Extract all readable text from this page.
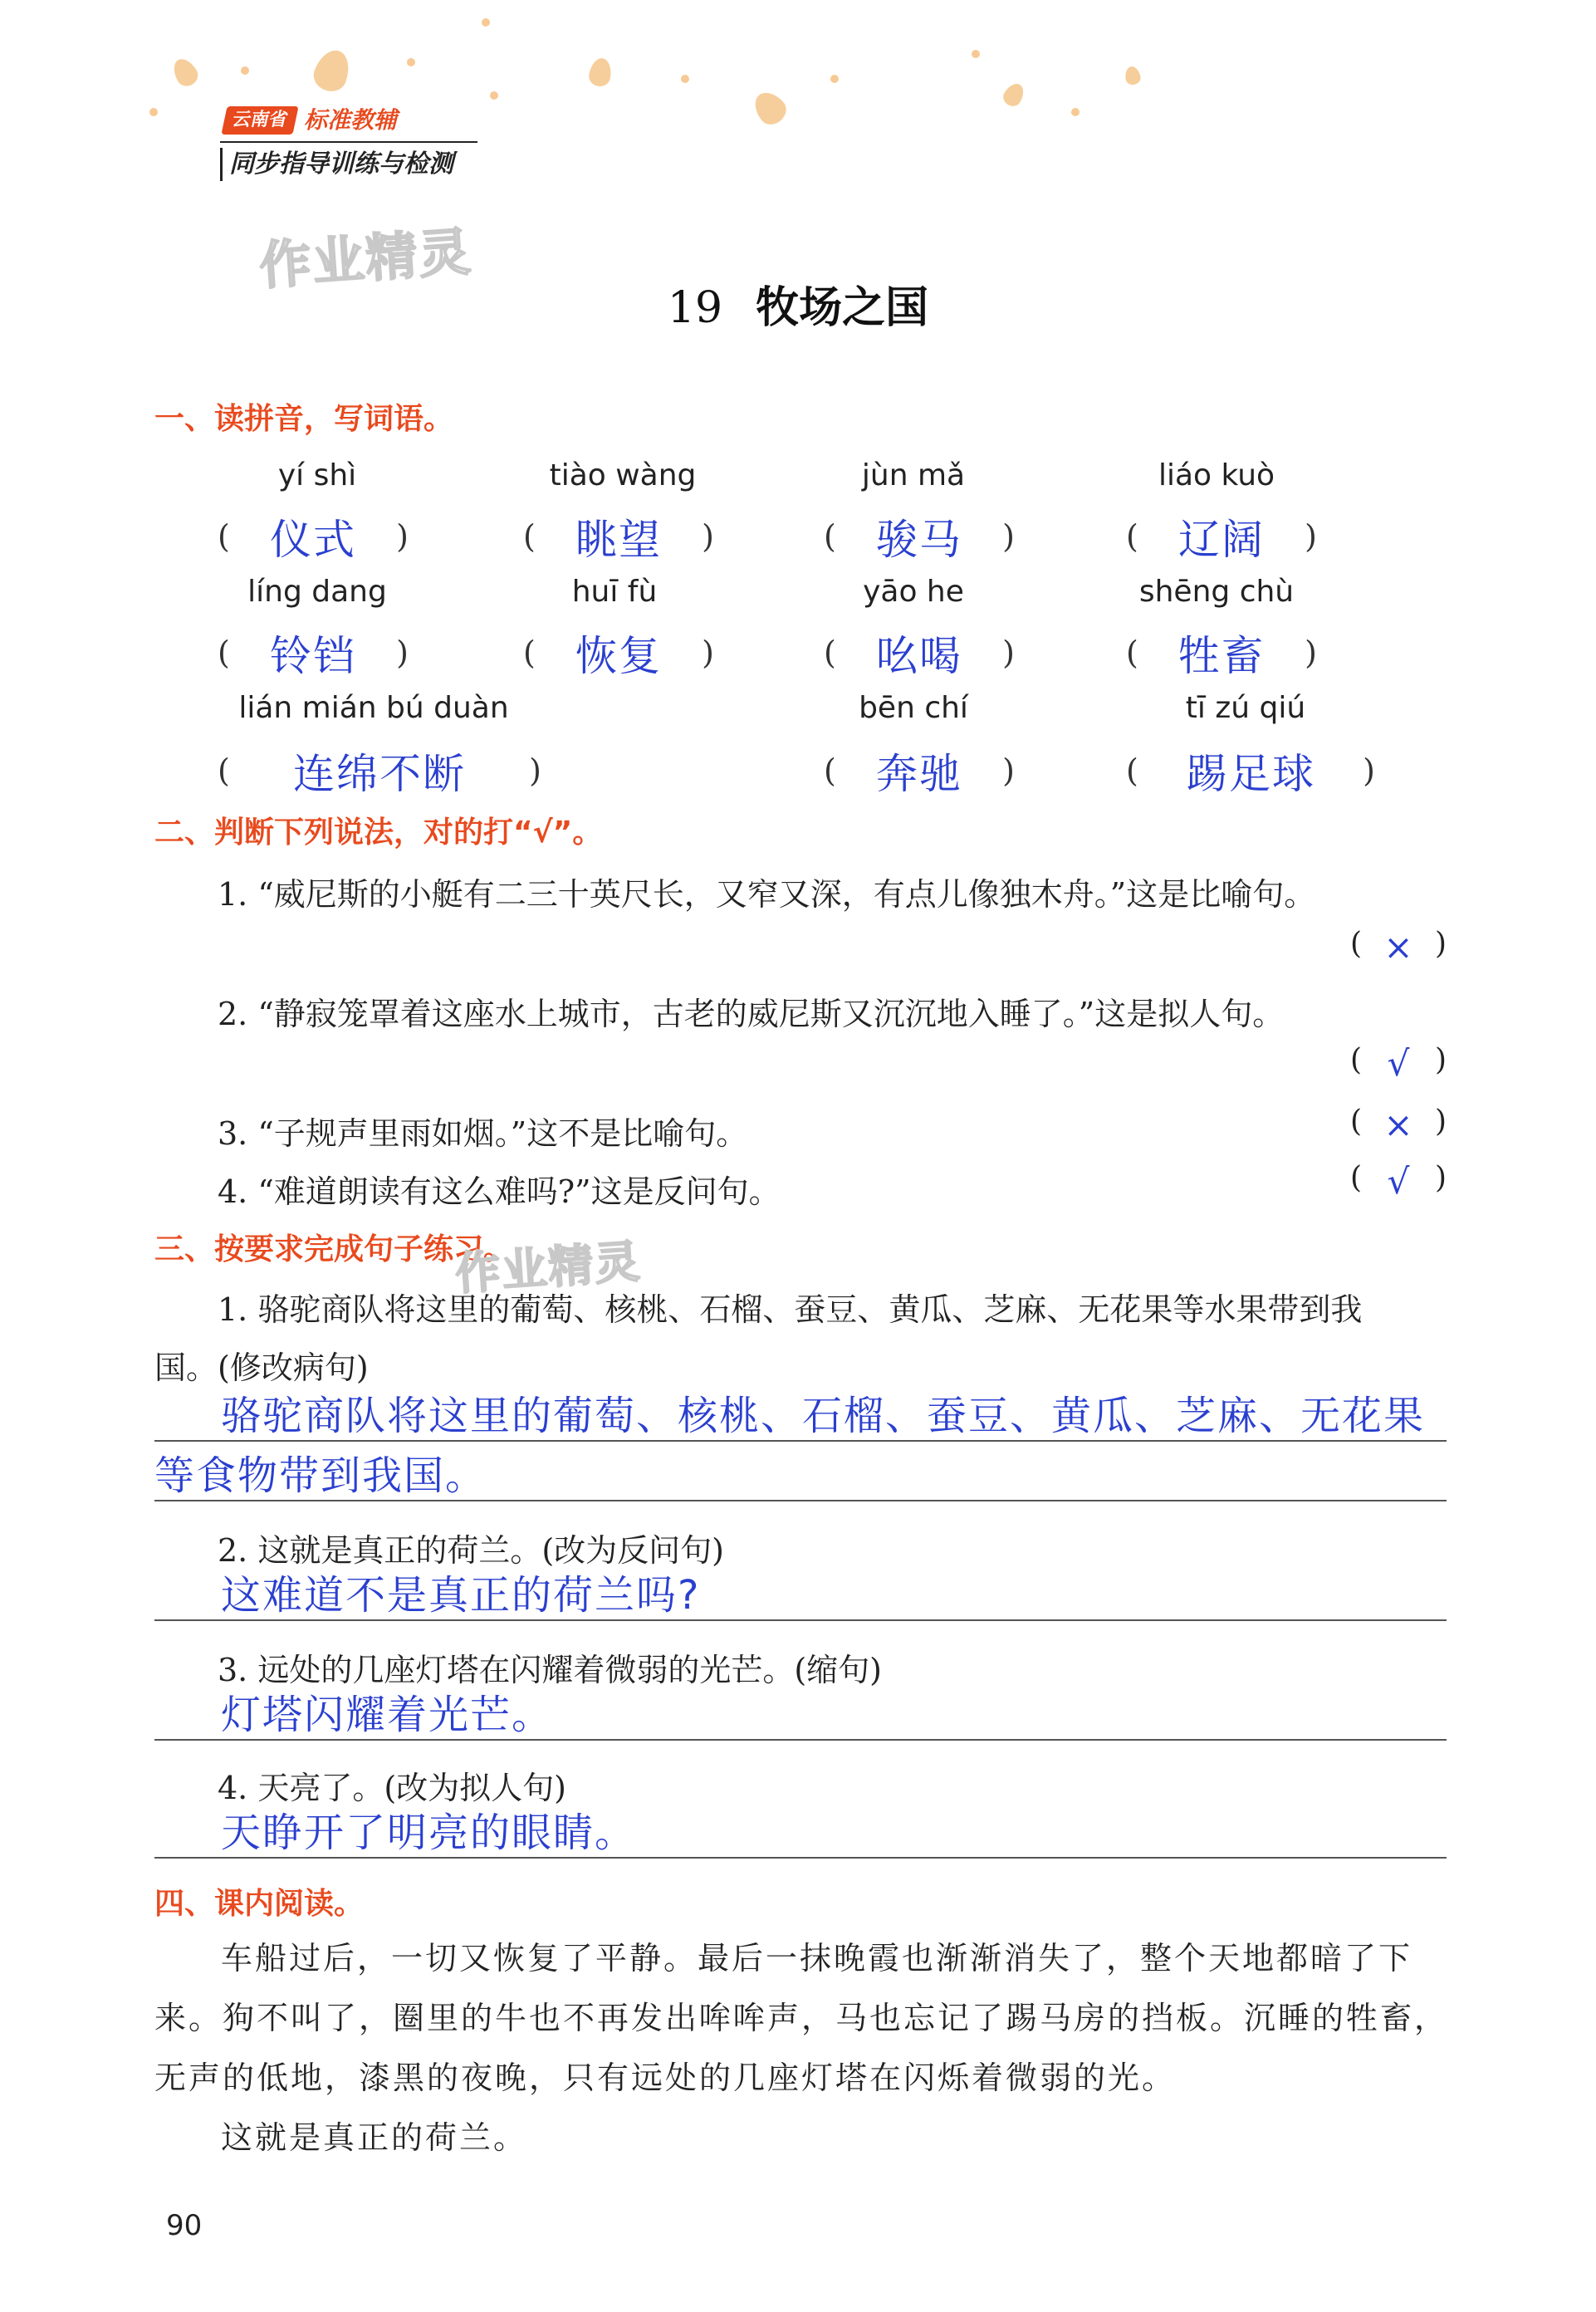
云南省 标准教辅
同步指导训练与检测
作业精灵
19 牧场之国
一、读拼音，写词语。
yí shì	tiào wàng	jùn mǎ	liáo kuò
( 仪式 )	( 眺望 )	( 骏马 )	( 辽阔 )
líng dang	huī fù	yāo he	shēng chù
( 铃铛 )	( 恢复 )	( 吆喝 )	( 牲畜 )
lián mián bú duàn	bēn chí	tī zú qiú
( 连绵不断 )	( 奔驰 )	( 踢足球 )
二、判断下列说法，对的打“√”。
1. “威尼斯的小艇有二三十英尺长，又窄又深，有点儿像独木舟。”这是比喻句。
( × )
2. “静寂笼罩着这座水上城市，古老的威尼斯又沉沉地入睡了。”这是拟人句。
( √ )
3. “子规声里雨如烟。”这不是比喻句。	( × )
4. “难道朗读有这么难吗?”这是反问句。	( √ )
三、按要求完成句子练习。
作业精灵
1. 骆驼商队将这里的葡萄、核桃、石榴、蚕豆、黄瓜、芝麻、无花果等水果带到我
国。(修改病句)
骆驼商队将这里的葡萄、核桃、石榴、蚕豆、黄瓜、芝麻、无花果
等食物带到我国。
2. 这就是真正的荷兰。(改为反问句)
这难道不是真正的荷兰吗?
3. 远处的几座灯塔在闪耀着微弱的光芒。(缩句)
灯塔闪耀着光芒。
4. 天亮了。(改为拟人句)
天睁开了明亮的眼睛。
四、课内阅读。
车船过后，一切又恢复了平静。最后一抹晚霞也渐渐消失了，整个天地都暗了下来。狗不叫了，圈里的牛也不再发出哞哞声，马也忘记了踢马房的挡板。沉睡的牲畜，无声的低地，漆黑的夜晚，只有远处的几座灯塔在闪烁着微弱的光。
这就是真正的荷兰。
90
